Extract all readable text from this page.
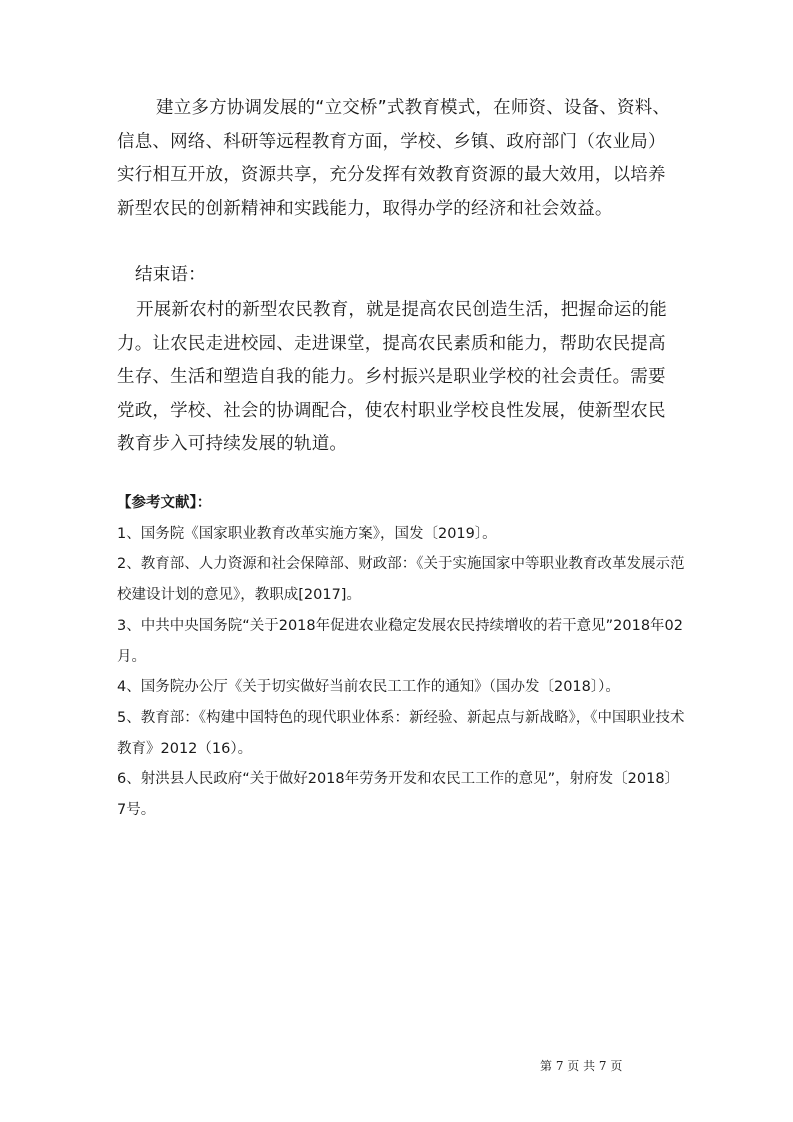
建立多方协调发展的“立交桥”式教育模式，在师资、设备、资料、信息、网络、科研等远程教育方面，学校、乡镇、政府部门（农业局）实行相互开放，资源共享，充分发挥有效教育资源的最大效用，以培养新型农民的创新精神和实践能力，取得办学的经济和社会效益。

结束语：

开展新农村的新型农民教育，就是提高农民创造生活，把握命运的能力。让农民走进校园、走进课堂，提高农民素质和能力，帮助农民提高生存、生活和塑造自我的能力。乡村振兴是职业学校的社会责任。需要党政，学校、社会的协调配合，使农村职业学校良性发展，使新型农民教育步入可持续发展的轨道。

【参考文献】：

1、国务院《国家职业教育改革实施方案》，国发〔2019〕。

2、教育部、人力资源和社会保障部、财政部：《关于实施国家中等职业教育改革发展示范校建设计划的意见》，教职成[2017]。

3、中共中央国务院“关于2018年促进农业稳定发展农民持续增收的若干意见”2018年02月。

4、国务院办公厅《关于切实做好当前农民工工作的通知》（国办发〔2018〕）。

5、教育部：《构建中国特色的现代职业体系：新经验、新起点与新战略》，《中国职业技术教育》2012（16）。

6、射洪县人民政府“关于做好2018年劳务开发和农民工工作的意见”，射府发〔2018〕7号。

第 7 页 共 7 页
